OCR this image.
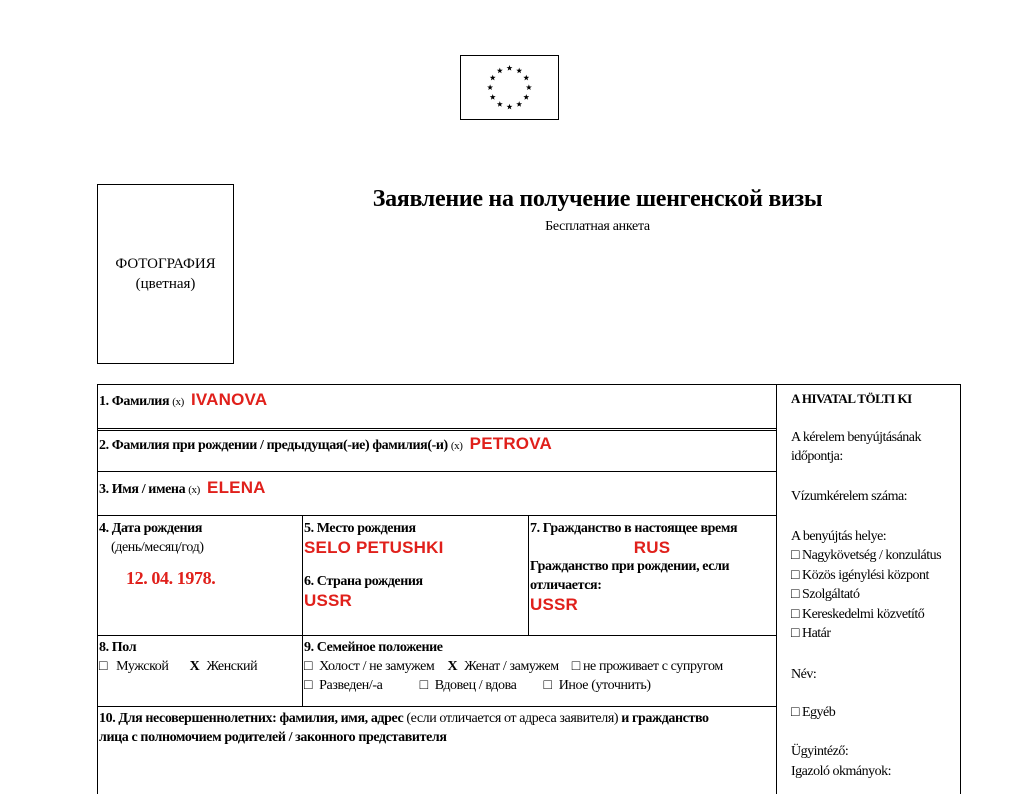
ФОТОГРАФИЯ
(цветная)
Заявление на получение шенгенской визы
Бесплатная анкета
1. Фамилия (x) IVANOVA
2. Фамилия при рождении / предыдущая(-ие) фамилия(-и) (x) PETROVA
3. Имя / имена (x) ELENA
4. Дата рождения
(день/месяц/год)
12. 04. 1978.
5. Место рождения
SELO PETUSHKI
6. Страна рождения
USSR
7. Гражданство в настоящее время
RUS
Гражданство при рождении, если
отличается:
USSR
8. Пол
□ Мужской X Женский
9. Семейное положение
□ Холост / не замужем X Женат / замужем □ не проживает с супругом
□ Разведен/-а	□ Вдовец / вдова □ Иное (уточнить)
10. Для несовершеннолетних: фамилия, имя, адрес (если отличается от адреса заявителя) и гражданство
лица с полномочием родителей / законного представителя
A HIVATAL TÖLTI KI
A kérelem benyújtásának
időpontja:
Vízumkérelem száma:
A benyújtás helye:
□ Nagykövetség / konzulátus
□ Közös igénylési központ
□ Szolgáltató
□ Kereskedelmi közvetítő
□ Határ
Név:
□ Egyéb
Ügyintéző:
Igazoló okmányok:
